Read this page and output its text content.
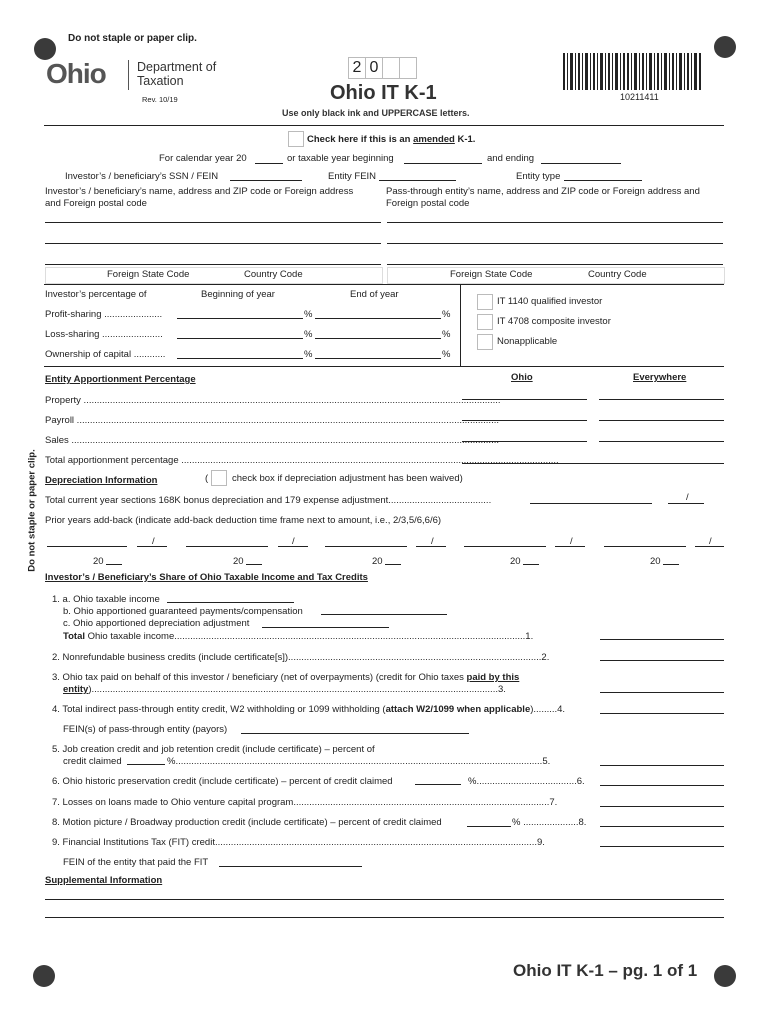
Do not staple or paper clip.
Ohio Department of
Taxation
Rev. 10/19
2 0
Ohio IT K-1
Use only black ink and UPPERCASE letters.
10211411
Check here if this is an amended K-1.
For calendar year 20	or taxable year beginning	and ending
Investor’s / beneficiary’s SSN / FEIN	Entity FEIN	Entity type
Investor’s / beneficiary’s name, address and ZIP code or Foreign address
and Foreign postal code
Pass-through entity’s name, address and ZIP code or Foreign address and
Foreign postal code
Foreign State Code	Country Code	Foreign State Code	Country Code
Investor’s percentage of	Beginning of year	End of year
Profit-sharing ......................	%	%
Loss-sharing .......................	%	%
Ownership of capital ............	%	%
IT 1140 qualified investor
IT 4708 composite investor
Nonapplicable
Entity Apportionment Percentage	Ohio	Everywhere
Property ..............................................................................................................................................................
Payroll ................................................................................................................................................................
Sales ..................................................................................................................................................................
Total apportionment percentage ...............................................................................................................................................
Depreciation Information	(	check box if depreciation adjustment has been waived)
Total current year sections 168K bonus depreciation and 179 expense adjustment.......................................	/
Prior years add-back (indicate add-back deduction time frame next to amount, i.e., 2/3,5/6,6/6)
/	/	/	/	/
20	20	20	20	20
Do not staple or paper clip.
Investor’s / Beneficiary’s Share of Ohio Taxable Income and Tax Credits
1. a. Ohio taxable income
b. Ohio apportioned guaranteed payments/compensation
c. Ohio apportioned depreciation adjustment
Total Ohio taxable income.....................................................................................................................................1.
2. Nonrefundable business credits (include certificate[s])................................................................................................2.
3. Ohio tax paid on behalf of this investor / beneficiary (net of overpayments) (credit for Ohio taxes paid by this
entity)..........................................................................................................................................................3.
4. Total indirect pass-through entity credit, W2 withholding or 1099 withholding (attach W2/1099 when applicable).........4.
FEIN(s) of pass-through entity (payors)
5. Job creation credit and job retention credit (include certificate) – percent of
credit claimed	%...........................................................................................................................................5.
6. Ohio historic preservation credit (include certificate) – percent of credit claimed	%......................................6.
7. Losses on loans made to Ohio venture capital program.................................................................................................7.
8. Motion picture / Broadway production credit (include certificate) – percent of credit claimed	% .....................8.
9. Financial Institutions Tax (FIT) credit..........................................................................................................................9.
FEIN of the entity that paid the FIT
Supplemental Information
Ohio IT K-1 – pg. 1 of 1
